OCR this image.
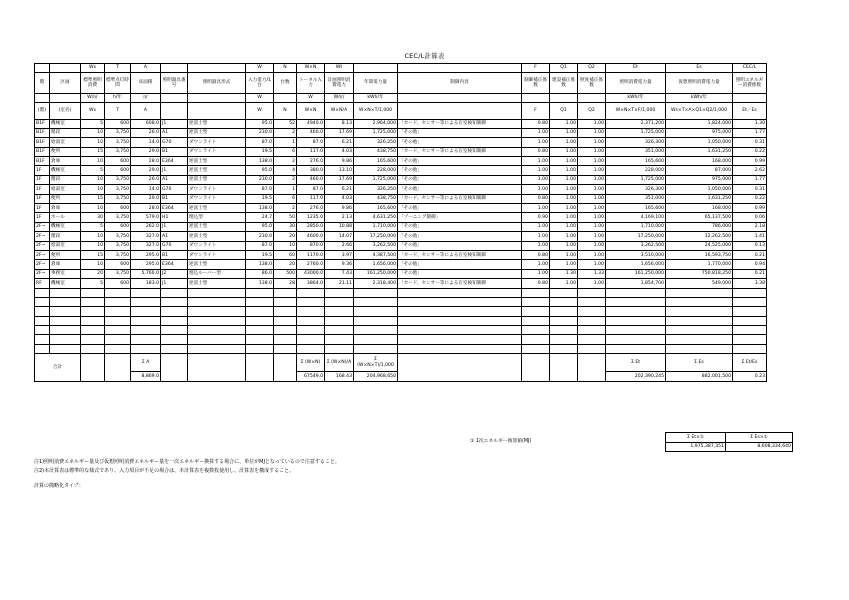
CEC/L計算表
		Ws	T	A			W	N	W×N	Wt			F	Q1	Q2	Et	Es	CEC/L
階	区画	標準照明消費	標準点灯時間	床面積	照明器具番号	照明器具形式	入力電力/1台	台数	トータル入力	計画照明消費電力	年間電力量	制御内容	制御補正係数	建設補正係数	照度補正係数	照明消費電力量	仮想照明消費電力量	照明エネルギー消費係数
		W/㎡	h/年	㎡			W		W	W/㎡	kWh/年					kWh/年	kWh/年	
(階)	(室名)	Ws	T	A			W	N	W×N	W×N/A	W×N×T/1,000		F	Q1	Q2	W×N×T×F/1,000	Ws×T×A×Q1×Q2/1,000	Et／Es
B1F	機械室	5	600	608.0	J1	逆富士型	95.0	52	4940.0	8.13	2,964,000	「カード、センサー等による在室検知制御	0.80	1.00	1.00	2,371,200	1,824,000	1.30
B1F	階段	10	3,750	26.0	A1	逆富士型	230.0	2	460.0	17.69	1,725,000	「その他」	1.00	1.00	1.00	1,725,000	975,000	1.77
B1F	給湯室	10	3,750	14.0	G70	ダウンライト	87.0	1	87.0	6.21	326,250	「その他」	1.00	1.00	1.00	326,300	1,050,000	0.31
B1F	便所	15	3,750	29.0	B1	ダウンライト	19.5	6	117.0	4.03	438,750	「カード、センサー等による在室検知制御	0.80	1.00	1.00	351,000	1,631,250	0.22
B1F	倉庫	10	600	28.0	E364	逆富士型	138.0	2	276.0	9.86	165,600	「その他」	1.00	1.00	1.00	165,600	168,000	0.99
1F	機械室	5	600	29.0	J1	逆富士型	95.0	4	380.0	13.10	228,000	「その他」	1.00	1.00	1.00	228,000	87,000	2.62
1F	階段	10	3,750	26.0	A1	逆富士型	230.0	2	460.0	17.69	1,725,000	「その他」	1.00	1.00	1.00	1,725,000	975,000	1.77
1F	給湯室	10	3,750	14.0	G70	ダウンライト	87.0	1	87.0	6.21	326,250	「その他」	1.00	1.00	1.00	326,300	1,050,000	0.31
1F	便所	15	3,750	29.0	B1	ダウンライト	19.5	6	117.0	4.03	438,750	「カード、センサー等による在室検知制御	0.80	1.00	1.00	351,000	1,631,250	0.22
1F	倉庫	10	600	28.0	E364	逆富士型	138.0	2	276.0	9.86	165,600	「その他」	1.00	1.00	1.00	165,600	168,000	0.99
1F	ホール	30	3,750	579.0	H1	埋込型	24.7	50	1235.0	2.13	4,631,250	「ゾーニング制御」	0.90	1.00	1.00	4,169,100	65,137,500	0.06
2F~	機械室	5	600	262.0	J1	逆富士型	95.0	30	2850.0	10.88	1,710,000	「その他」	1.00	1.00	1.00	1,710,000	786,000	2.18
2F~	階段	10	3,750	327.0	A1	逆富士型	230.0	20	4600.0	14.07	17,250,000	「その他」	1.00	1.00	1.00	17,250,000	12,262,500	1.41
2F~	給湯室	10	3,750	327.0	G70	ダウンライト	87.0	10	870.0	2.66	3,262,500	「その他」	1.00	1.00	1.00	3,262,500	24,525,000	0.13
2F~	便所	15	3,750	295.0	B1	ダウンライト	19.5	60	1170.0	3.97	4,387,500	「カード、センサー等による在室検知制御	0.80	1.00	1.00	3,510,000	16,593,750	0.21
2F~	倉庫	10	600	295.0	E364	逆富士型	138.0	20	2760.0	9.36	1,656,000	「その他」	1.00	1.00	1.00	1,656,000	1,770,000	0.94
2F~	事務室	20	3,750	5,760.0	J2	埋込ルーバー型	86.0	500	43000.0	7.43	161,250,000	「その他」	1.00	1.30	1.33	161,250,000	750,818,250	0.21
RF	機械室	5	600	183.0	J1	逆富士型	138.0	28	3864.0	21.11	2,318,400	「カード、センサー等による在室検知制御	0.80	1.00	1.00	1,854,700	549,000	3.38

合計				Σ A					Σ (W×N)	Σ (W×N)/A	Σ (W×N×T)/1,000					Σ Et	Σ Es	Σ Et/Es
				8,869.0					67549.0	168.43	204,968,650					202,390,245	882,001,500	0.23
① 1次エネルギー換算値(MJ)
Σ Et×①	Σ Es×①
1,975,387,351	8,608,334,640
注1)照明消費エネルギー量及び仮想照明消費エネルギー量を一次エネルギー換算する場合に、単位がMJとなっているので注意すること。
注2)本計算表は標準的な様式であり、入力項目が不足の場合は、本計算表を複数枚使用し、計算表を構成すること。
計算の簡略化タイプ：
